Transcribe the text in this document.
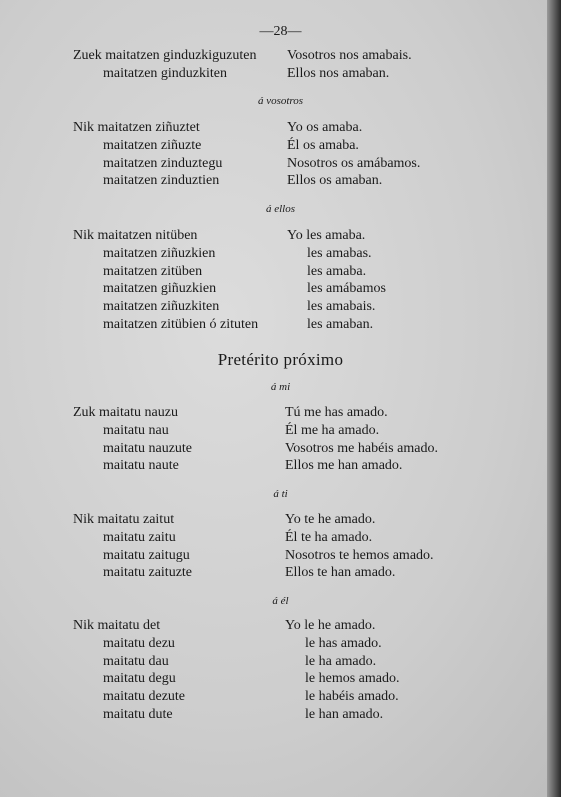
—28—
Zuek maitatzen ginduzkiguzuten Vosotros nos amabais.
maitatzen ginduzkiten	Ellos nos amaban.
Nik maitatzen ziñuztet	Yo os amaba.
maitatzen ziñuzte	Él os amaba.
maitatzen zinduztegu	Nosotros os amábamos.
maitatzen zinduztien	Ellos os amaban.
Nik maitatzen nitüben	Yo les amaba.
maitatzen ziñuzkien	les amabas.
maitatzen zitüben	les amaba.
maitatzen giñuzkien	les amábamos
maitatzen ziñuzkiten	les amabais.
maitatzen zitübien ó zituten	les amaban.
Zuk maitatu nauzu	Tú me has amado.
maitatu nau	Él me ha amado.
maitatu nauzute	Vosotros me habéis amado.
maitatu naute	Ellos me han amado.
Nik maitatu zaitut	Yo te he amado.
maitatu zaitu	Él te ha amado.
maitatu zaitugu	Nosotros te hemos amado.
maitatu zaituzte	Ellos te han amado.
Nik maitatu det	Yo le he amado.
maitatu dezu	le has amado.
maitatu dau	le ha amado.
maitatu degu	le hemos amado.
maitatu dezute	le habéis amado.
maitatu dute	le han amado.
á vosotros
á ellos
Pretérito próximo
á mi
á ti
á él
